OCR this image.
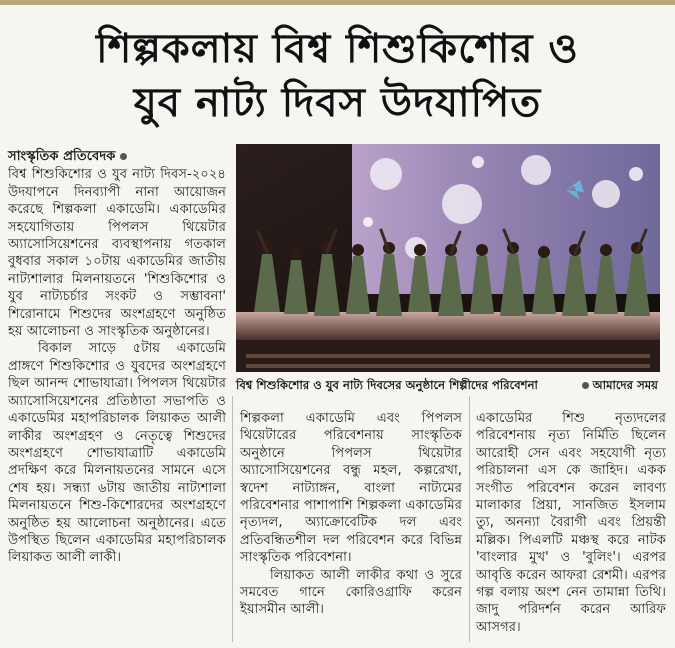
শিল্পকলায় বিশ্ব শিশুকিশোর ও
যুব নাট্য দিবস উদযাপিত
সাংস্কৃতিক প্রতিবেদক

বিশ্ব শিশুকিশোর ও যুব নাট্য দিবস-২০২৪ উদযাপনে দিনব্যাপী নানা আয়োজন করেছে শিল্পকলা একাডেমি। একাডেমির সহযোগিতায় পিপলস থিয়েটার অ্যাসোসিয়েশনের ব্যবস্থাপনায় গতকাল বুধবার সকাল ১০টায় একাডেমির জাতীয় নাট্যশালার মিলনায়তনে 'শিশুকিশোর ও যুব নাট্যচর্চার সংকট ও সম্ভাবনা' শিরোনামে শিশুদের অংশগ্রহণে অনুষ্ঠিত হয় আলোচনা ও সাংস্কৃতিক অনুষ্ঠানের।

বিকাল সাড়ে ৫টায় একাডেমি প্রাঙ্গণে শিশুকিশোর ও যুবদের অংশগ্রহণে ছিল আনন্দ শোভাযাত্রা। পিপলস থিয়েটার অ্যাসোসিয়েশনের প্রতিষ্ঠাতা সভাপতি ও একাডেমির মহাপরিচালক লিয়াকত আলী লাকীর অংশগ্রহণ ও নেতৃত্বে শিশুদের অংশগ্রহণে শোভাযাত্রাটি একাডেমি প্রদক্ষিণ করে মিলনায়তনের সামনে এসে শেষ হয়। সন্ধ্যা ৬টায় জাতীয় নাট্যশালা মিলনায়তনে শিশু-কিশোরদের অংশগ্রহণে অনুষ্ঠিত হয় আলোচনা অনুষ্ঠানের। এতে উপস্থিত ছিলেন একাডেমির মহাপরিচালক লিয়াকত আলী লাকী।

বিশ্ব শিশুকিশোর ও যুব নাট্য দিবসের অনুষ্ঠানে শিল্পীদের পরিবেশনা	আমাদের সময়

শিল্পকলা একাডেমি এবং পিপলস থিয়েটারের পরিবেশনায় সাংস্কৃতিক অনুষ্ঠানে পিপলস থিয়েটার অ্যাসোসিয়েশনের বন্ধু মহল, কল্পরেখা, স্বদেশ নাট্যাঙ্গন, বাংলা নাট্যমের পরিবেশনার পাশাপাশি শিল্পকলা একাডেমির নৃত্যদল, অ্যাক্রোবেটিক দল এবং প্রতিবন্ধিতশীল দল পরিবেশন করে বিভিন্ন সাংস্কৃতিক পরিবেশনা।

লিয়াকত আলী লাকীর কথা ও সুরে সমবেত গানে কোরিওগ্রাফি করেন ইয়াসমীন আলী।

একাডেমির শিশু নৃত্যদলের পরিবেশনায় নৃত্য নির্মিতি ছিলেন আরোহী সেন এবং সহযোগী নৃত্য পরিচালনা এস কে জাহিদ। একক সংগীত পরিবেশন করেন লাবণ্য মালাকার প্রিয়া, সানজিত ইসলাম ত্যু, অনন্যা বৈরাগী এবং প্রিয়ন্তী মল্লিক। পিএলটি মঞ্চস্থ করে নাটক 'বাংলার মুখ' ও 'বুলিং'। এরপর আবৃত্তি করেন আফরা রেশমী। এরপর গল্প বলায় অংশ নেন তামান্না তিথি। জাদু পরিদর্শন করেন আরিফ আসগর।
